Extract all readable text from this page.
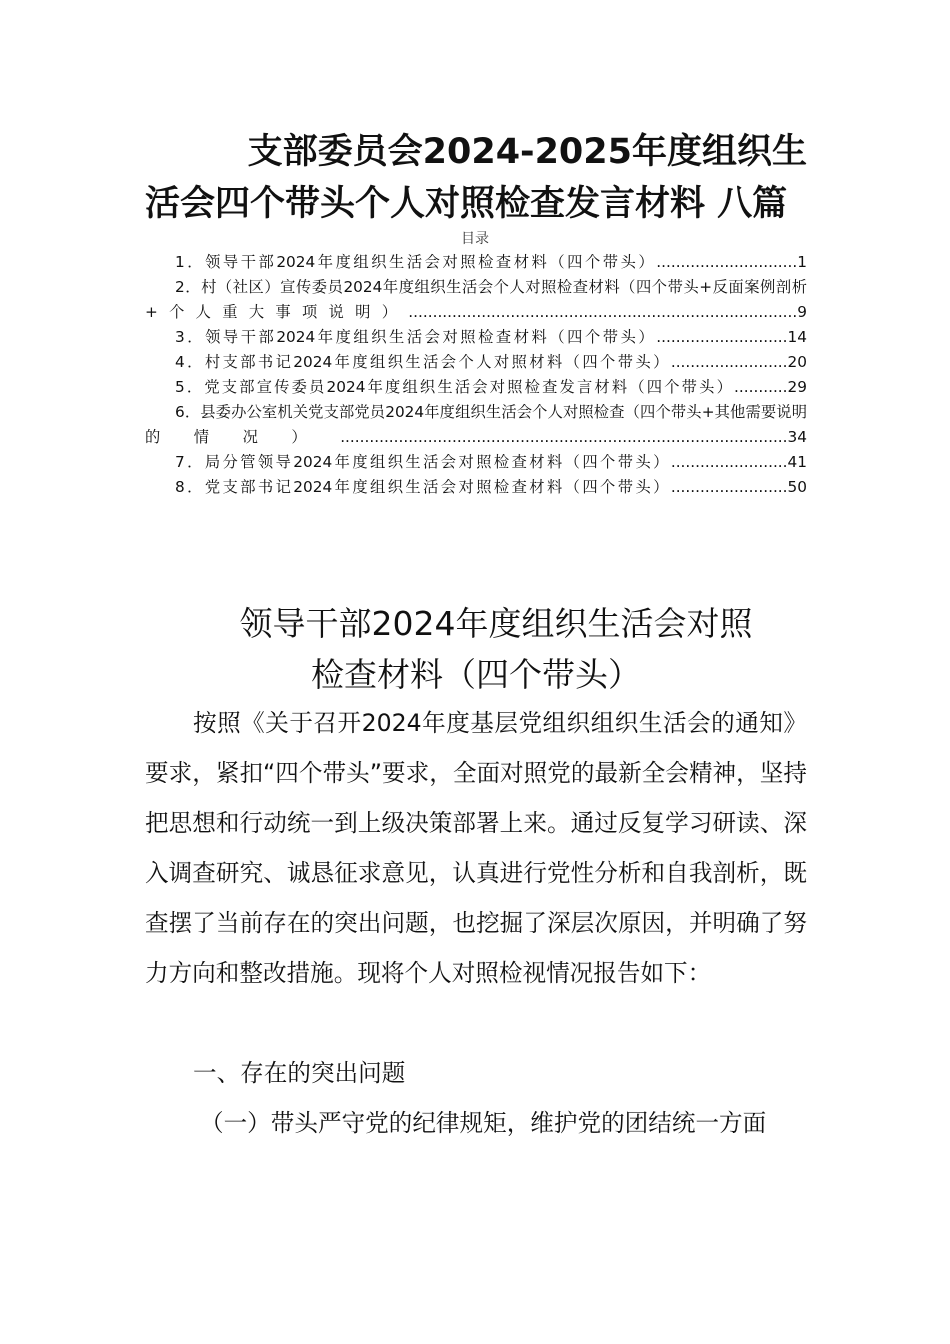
支部委员会2024-2025年度组织生
活会四个带头个人对照检查发言材料 八篇
目录
1．领导干部2024年度组织生活会对照检查材料（四个带头）.............................1
2．村（社区）宣传委员2024年度组织生活会个人对照检查材料（四个带头+反面案例剖析+个人重大事项说明）................................................................................9
3．领导干部2024年度组织生活会对照检查材料（四个带头）...........................14
4．村支部书记2024年度组织生活会个人对照材料（四个带头）........................20
5．党支部宣传委员2024年度组织生活会对照检查发言材料（四个带头）...........29
6．县委办公室机关党支部党员2024年度组织生活会个人对照检查（四个带头+其他需要说明的情况）............................................................................................34
7．局分管领导2024年度组织生活会对照检查材料（四个带头）........................41
8．党支部书记2024年度组织生活会对照检查材料（四个带头）........................50
领导干部2024年度组织生活会对照
检查材料（四个带头）

按照《关于召开2024年度基层党组织组织生活会的通知》要求，紧扣“四个带头”要求，全面对照党的最新全会精神，坚持把思想和行动统一到上级决策部署上来。通过反复学习研读、深入调查研究、诚恳征求意见，认真进行党性分析和自我剖析，既查摆了当前存在的突出问题，也挖掘了深层次原因，并明确了努力方向和整改措施。现将个人对照检视情况报告如下：

一、存在的突出问题
（一）带头严守党的纪律规矩，维护党的团结统一方面
